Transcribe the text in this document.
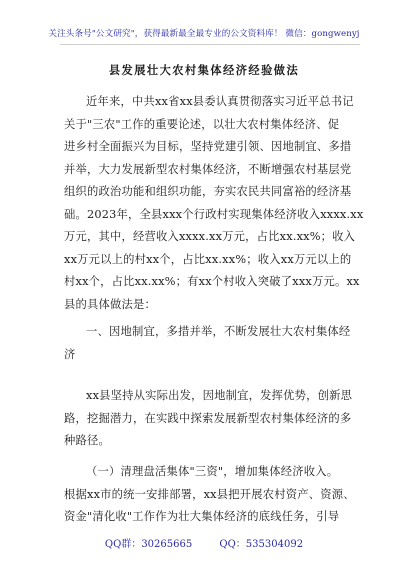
关注头条号"公文研究"，获得最新最全最专业的公文资料库！ 微信：gongwenyj
县发展壮大农村集体经济经验做法
近年来，中共xx省xx县委认真贯彻落实习近平总书记
关于"三农"工作的重要论述，以壮大农村集体经济、促
进乡村全面振兴为目标，坚持党建引领、因地制宜、多措
并举，大力发展新型农村集体经济，不断增强农村基层党
组织的政治功能和组织功能，夯实农民共同富裕的经济基
础。2023年，全县xxx个行政村实现集体经济收入xxxx.xx
万元，其中，经营收入xxxx.xx万元，占比xx.xx%；收入
xx万元以上的村xx个，占比xx.xx%；收入xx万元以上的
村xx个，占比xx.xx%；有xx个村收入突破了xxx万元。xx
县的具体做法是：
一、因地制宜，多措并举，不断发展壮大农村集体经
济
xx县坚持从实际出发，因地制宜，发挥优势，创新思
路，挖掘潜力，在实践中探索发展新型农村集体经济的多
种路径。
（一）清理盘活集体"三资"，增加集体经济收入。
根据xx市的统一安排部署，xx县把开展农村资产、资源、
资金"清化收"工作作为壮大集体经济的底线任务，引导
QQ群：30265665	QQ：535304092
